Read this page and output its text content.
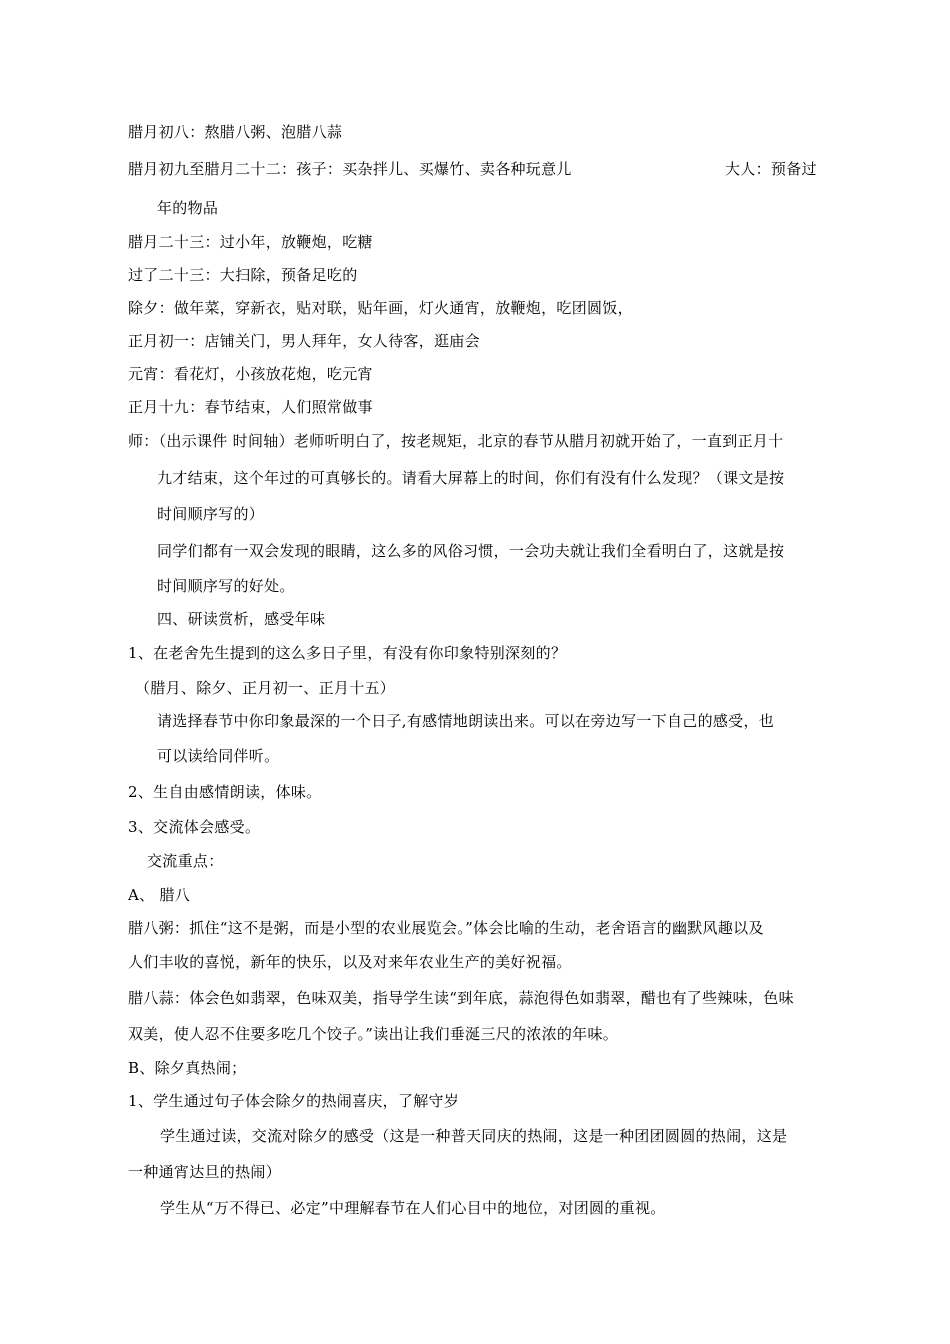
腊月初八：熬腊八粥、泡腊八蒜
腊月初九至腊月二十二：孩子：买杂拌儿、买爆竹、卖各种玩意儿	大人：预备过
年的物品
腊月二十三：过小年，放鞭炮，吃糖
过了二十三：大扫除，预备足吃的
除夕：做年菜，穿新衣，贴对联，贴年画，灯火通宵，放鞭炮，吃团圆饭，
正月初一：店铺关门，男人拜年，女人待客，逛庙会
元宵：看花灯，小孩放花炮，吃元宵
正月十九：春节结束，人们照常做事
师：（出示课件 时间轴）老师听明白了，按老规矩，北京的春节从腊月初就开始了，一直到正月十
九才结束，这个年过的可真够长的。请看大屏幕上的时间，你们有没有什么发现？（课文是按
时间顺序写的）
同学们都有一双会发现的眼睛，这么多的风俗习惯，一会功夫就让我们全看明白了，这就是按
时间顺序写的好处。
四、研读赏析，感受年味
1、在老舍先生提到的这么多日子里，有没有你印象特别深刻的？
（腊月、除夕、正月初一、正月十五）
请选择春节中你印象最深的一个日子,有感情地朗读出来。可以在旁边写一下自己的感受，也
可以读给同伴听。
2、生自由感情朗读，体味。
3、交流体会感受。
交流重点：
A、 腊八
腊八粥：抓住“这不是粥，而是小型的农业展览会。”体会比喻的生动，老舍语言的幽默风趣以及
人们丰收的喜悦，新年的快乐，以及对来年农业生产的美好祝福。
腊八蒜：体会色如翡翠，色味双美，指导学生读“到年底，蒜泡得色如翡翠，醋也有了些辣味，色味
双美，使人忍不住要多吃几个饺子。”读出让我们垂涎三尺的浓浓的年味。
B、除夕真热闹；
1、学生通过句子体会除夕的热闹喜庆，了解守岁
学生通过读，交流对除夕的感受（这是一种普天同庆的热闹，这是一种团团圆圆的热闹，这是
一种通宵达旦的热闹）
学生从“万不得已、必定”中理解春节在人们心目中的地位，对团圆的重视。
